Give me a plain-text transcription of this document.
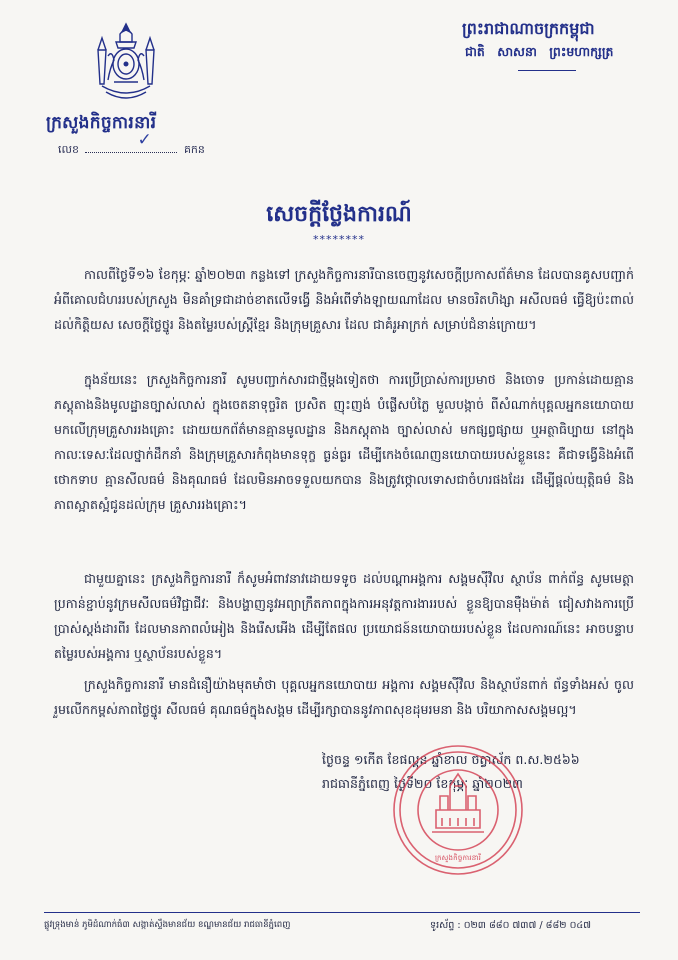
ក្រសួងកិច្ចការនារី
លេខ	✓	គកន
ព្រះរាជាណាចក្រកម្ពុជា
ជាតិ សាសនា ព្រះមហាក្សត្រ
សេចក្តីថ្លែងការណ៍
********
កាលពីថ្ងៃទី១៦ ខែកុម្ភៈ ឆ្នាំ២០២៣ កន្លងទៅ ក្រសួងកិច្ចការនារីបានចេញនូវសេចក្តីប្រកាសព័ត៌មាន ដែលបានគូសបញ្ជាក់អំពីគោលជំហររបស់ក្រសួង មិនគាំទ្រជាដាច់ខាតលើទង្វើ និងអំពើទាំងឡាយណាដែល មានចរិតហិង្សា អសីលធម៌ ធ្វើឱ្យប៉ះពាល់ដល់កិត្តិយស សេចក្តីថ្លៃថ្នូរ និងតម្លៃរបស់ស្ត្រីខ្មែរ និងក្រុមគ្រួសារ ដែល ជាគំរូអាក្រក់ សម្រាប់ជំនាន់ក្រោយ។
ក្នុងន័យនេះ ក្រសួងកិច្ចការនារី សូមបញ្ជាក់សារជាថ្មីម្តងទៀតថា ការប្រើប្រាស់ការប្រមាថ និងចោទ ប្រកាន់ដោយគ្មានភស្តុតាងនិងមូលដ្ឋានច្បាស់លាស់ ក្នុងចេតនាទុច្ចរិត ប្រសិត ញុះញង់ បំផ្លើសបំភ្លៃ មួលបង្កាច់ ពីសំណាក់បុគ្គលអ្នកនយោបាយ មកលើក្រុមគ្រួសាររងគ្រោះ ដោយយកព័ត៌មានគ្មានមូលដ្ឋាន និងភស្តុតាង ច្បាស់លាស់ មកផ្សព្វផ្សាយ ឬអត្ថាធិប្បាយ នៅក្នុងកាលៈទេសៈដែលថ្នាក់ដឹកនាំ និងក្រុមគ្រួសារកំពុងមានទុក្ខ ធ្ងន់ធ្ងរ ដើម្បីកេងចំណេញនយោបាយរបស់ខ្លួននេះ គឺជាទង្វើនិងអំពើ ថោកទាប គ្មានសីលធម៌ និងគុណធម៌ ដែលមិនអាចទទួលយកបាន និងត្រូវថ្កោលទោសជាចំហរផងដែរ ដើម្បីផ្តល់យុត្តិធម៌ និងភាពស្អាតស្អំជូនដល់ក្រុម គ្រួសាររងគ្រោះ។
ជាមួយគ្នានេះ ក្រសួងកិច្ចការនារី ក៏សូមអំពាវនាវដោយទទូច ដល់បណ្តាអង្គការ សង្គមស៊ីវិល ស្ថាប័ន ពាក់ព័ន្ធ សូមមេត្តាប្រកាន់ខ្ជាប់នូវក្រមសីលធម៌វិជ្ជាជីវៈ និងបង្ហាញនូវអព្យាក្រឹតភាពក្នុងការអនុវត្តការងាររបស់ ខ្លួនឱ្យបានម៉ឺងម៉ាត់ ជៀសវាងការប្រើប្រាស់ស្តង់ដារពីរ ដែលមានភាពលំអៀង និងរើសអើង ដើម្បីតែផល ប្រយោជន៍នយោបាយរបស់ខ្លួន ដែលការណ៍នេះ អាចបន្ទាបតម្លៃរបស់អង្គការ ឬស្ថាប័នរបស់ខ្លួន។
ក្រសួងកិច្ចការនារី មានជំនឿយ៉ាងមុតមាំថា បុគ្គលអ្នកនយោបាយ អង្គការ សង្គមស៊ីវិល និងស្ថាប័នពាក់ ព័ន្ធទាំងអស់ ចូលរួមលើកកម្ពស់ភាពថ្លៃថ្នូរ សីលធម៌ គុណធម៌ក្នុងសង្គម ដើម្បីរក្សាបាននូវភាពសុខដុមរមនា និង បរិយាកាសសង្គមល្អ។
ថ្ងៃចន្ទ ១កើត ខែផល្គុន ឆ្នាំខាល ចត្វាស័ក ព.ស.២៥៦៦
រាជធានីភ្នំពេញ ថ្ងៃទី២០ ខែកុម្ភៈ ឆ្នាំ២០២៣
ក្រសួងកិច្ចការនារី
ផ្លូវទ្រុងមាន់ ភូមិដំណាក់ធំ៣ សង្កាត់ស្ទឹងមានជ័យ ខណ្ឌមានជ័យ រាជធានីភ្នំពេញ	ទូរស័ព្ទ : ០២៣ ៨៨០ ៧៣៧ / ៨៨២ ០៤៧
